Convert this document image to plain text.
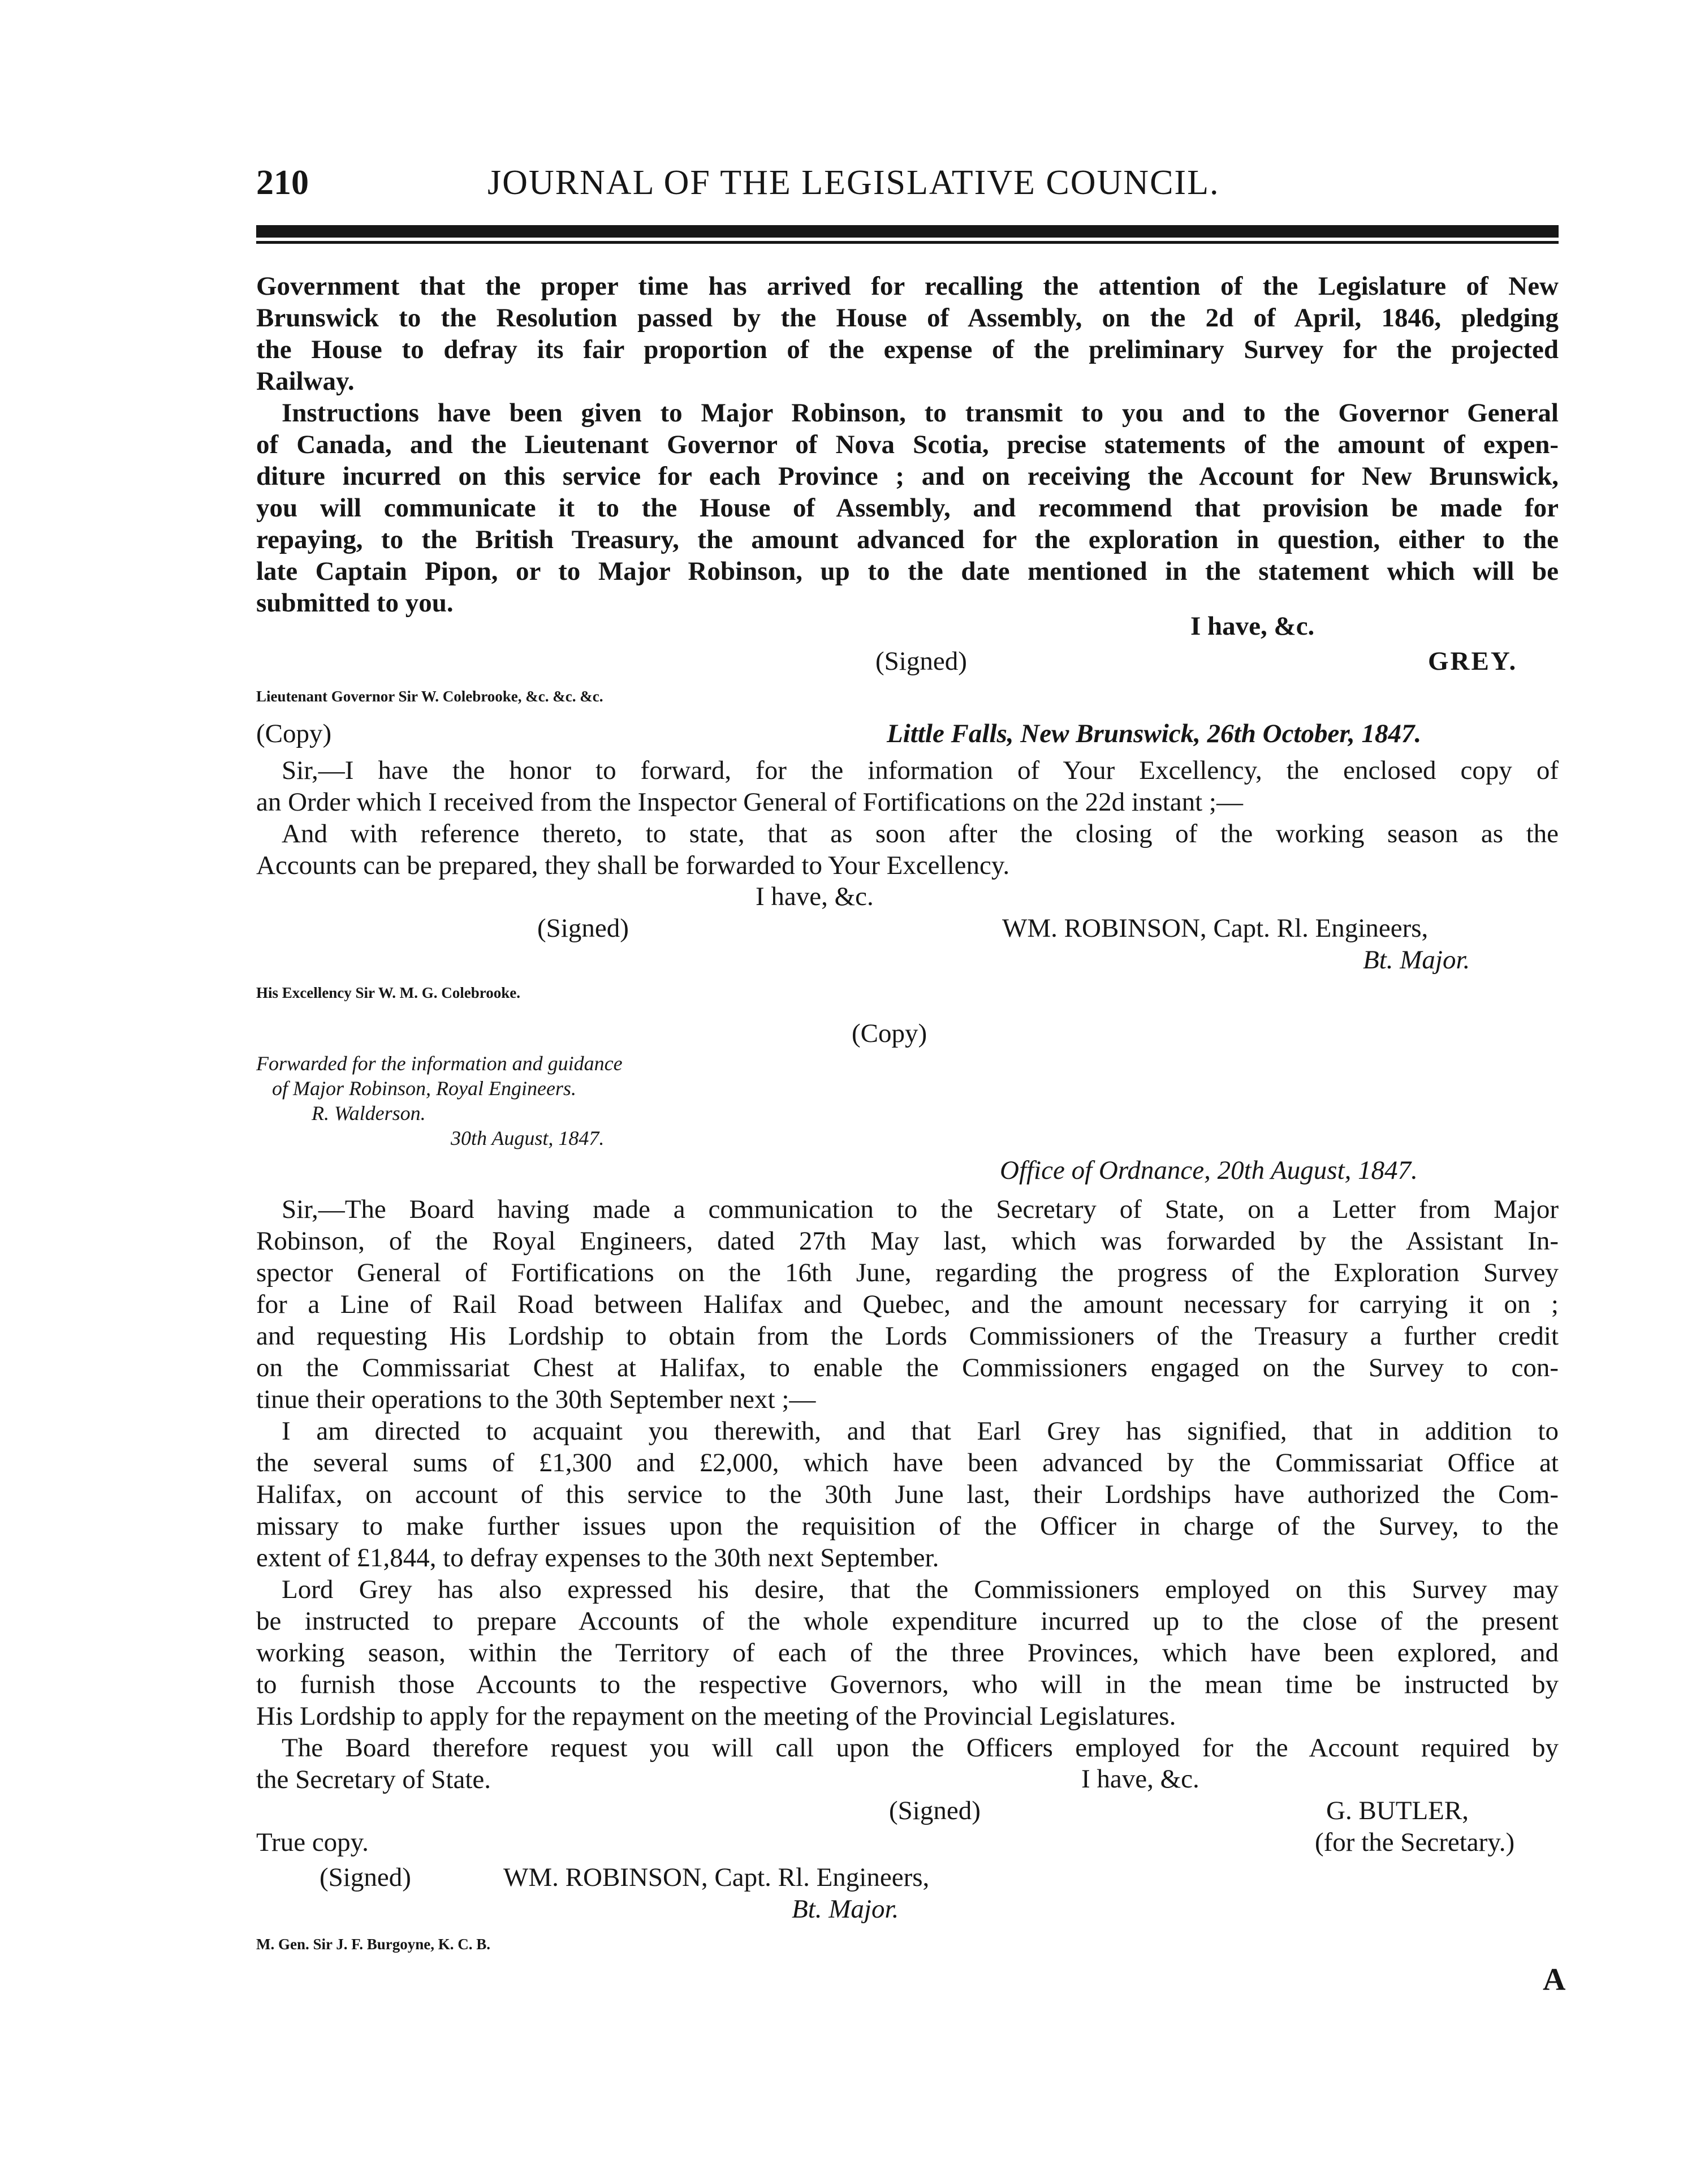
210	JOURNAL OF THE LEGISLATIVE COUNCIL.
Government that the proper time has arrived for recalling the attention of the Legislature of New
Brunswick to the Resolution passed by the House of Assembly, on the 2d of April, 1846, pledging
the House to defray its fair proportion of the expense of the preliminary Survey for the projected
Railway.
Instructions have been given to Major Robinson, to transmit to you and to the Governor General
of Canada, and the Lieutenant Governor of Nova Scotia, precise statements of the amount of expen-
diture incurred on this service for each Province ; and on receiving the Account for New Brunswick,
you will communicate it to the House of Assembly, and recommend that provision be made for
repaying, to the British Treasury, the amount advanced for the exploration in question, either to the
late Captain Pipon, or to Major Robinson, up to the date mentioned in the statement which will be
submitted to you.
I have, &c.
(Signed)	GREY.
Lieutenant Governor Sir W. Colebrooke, &c. &c. &c.
(Copy)	Little Falls, New Brunswick, 26th October, 1847.
Sir,—I have the honor to forward, for the information of Your Excellency, the enclosed copy of
an Order which I received from the Inspector General of Fortifications on the 22d instant ;—
And with reference thereto, to state, that as soon after the closing of the working season as the
Accounts can be prepared, they shall be forwarded to Your Excellency.
I have, &c.
(Signed)	WM. ROBINSON, Capt. Rl. Engineers,
Bt. Major.
His Excellency Sir W. M. G. Colebrooke.
(Copy)
Forwarded for the information and guidance
of Major Robinson, Royal Engineers.
R. Walderson.
30th August, 1847.
Office of Ordnance, 20th August, 1847.
Sir,—The Board having made a communication to the Secretary of State, on a Letter from Major
Robinson, of the Royal Engineers, dated 27th May last, which was forwarded by the Assistant In-
spector General of Fortifications on the 16th June, regarding the progress of the Exploration Survey
for a Line of Rail Road between Halifax and Quebec, and the amount necessary for carrying it on ;
and requesting His Lordship to obtain from the Lords Commissioners of the Treasury a further credit
on the Commissariat Chest at Halifax, to enable the Commissioners engaged on the Survey to con-
tinue their operations to the 30th September next ;—
I am directed to acquaint you therewith, and that Earl Grey has signified, that in addition to
the several sums of £1,300 and £2,000, which have been advanced by the Commissariat Office at
Halifax, on account of this service to the 30th June last, their Lordships have authorized the Com-
missary to make further issues upon the requisition of the Officer in charge of the Survey, to the
extent of £1,844, to defray expenses to the 30th next September.
Lord Grey has also expressed his desire, that the Commissioners employed on this Survey may
be instructed to prepare Accounts of the whole expenditure incurred up to the close of the present
working season, within the Territory of each of the three Provinces, which have been explored, and
to furnish those Accounts to the respective Governors, who will in the mean time be instructed by
His Lordship to apply for the repayment on the meeting of the Provincial Legislatures.
The Board therefore request you will call upon the Officers employed for the Account required by
the Secretary of State.	I have, &c.
(Signed)	G. BUTLER,
(for the Secretary.)
True copy.
(Signed)	WM. ROBINSON, Capt. Rl. Engineers,
Bt. Major.
M. Gen. Sir J. F. Burgoyne, K. C. B.
A
